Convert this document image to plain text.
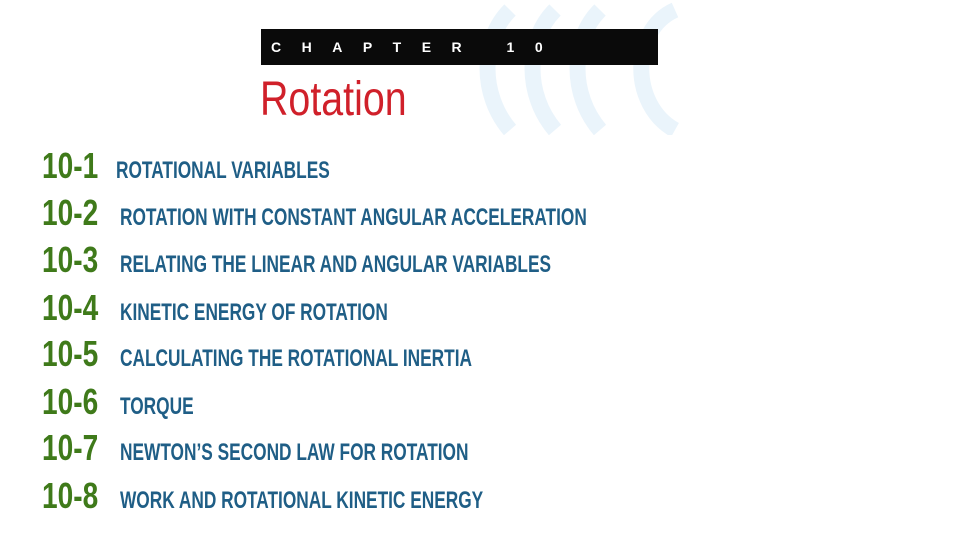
CHAPTER 10
Rotation
10-1 ROTATIONAL VARIABLES
10-2 ROTATION WITH CONSTANT ANGULAR ACCELERATION
10-3 RELATING THE LINEAR AND ANGULAR VARIABLES
10-4 KINETIC ENERGY OF ROTATION
10-5 CALCULATING THE ROTATIONAL INERTIA
10-6 TORQUE
10-7 NEWTON’S SECOND LAW FOR ROTATION
10-8 WORK AND ROTATIONAL KINETIC ENERGY
